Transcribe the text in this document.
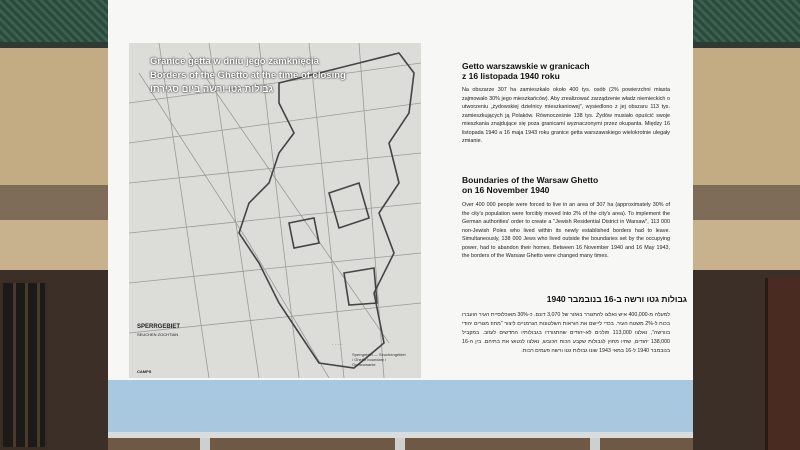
Granice getta w dniu jego zamknięcia
Borders of the Ghetto at the time of closing
גבולות גטו ורשה ביום סגירתו
SPERRGEBIET
SEUCHEN ZOCHTIAN
CAMPS
· · · ·
Sperrgebiet — Seuchengebiet / Ghetto boundary / Opracowanie
Getto warszawskie w granicach
z 16 listopada 1940 roku
Na obszarze 307 ha zamieszkało około 400 tys. osób (2% powierzchni miasta zajmowało 30% jego mieszkańców). Aby zrealizować zarządzenie władz niemieckich o utworzeniu „żydowskiej dzielnicy mieszkaniowej”, wysiedlono z jej obszaru 113 tys. zamieszkujących ją Polaków. Równocześnie 138 tys. Żydów musiało opuścić swoje mieszkania znajdujące się poza granicami wyznaczonymi przez okupanta. Między 16 listopada 1940 a 16 maja 1943 roku granice getta warszawskiego wielokrotnie ulegały zmianie.
Boundaries of the Warsaw Ghetto
on 16 November 1940
Over 400 000 people were forced to live in an area of 307 ha (approximately 30% of the city's population were forcibly moved into 2% of the city's area). To implement the German authorities' order to create a "Jewish Residential District in Warsaw", 113 000 non-Jewish Poles who lived within its newly established borders had to leave. Simultaneously, 138 000 Jews who lived outside the boundaries set by the occupying power, had to abandon their homes. Between 16 November 1940 and 16 May 1943, the borders of the Warsaw Ghetto were changed many times.
גבולות גטו ורשה ב-16 בנובמבר 1940
למעלה מ-400,000 איש נאלצו להתגורר באזור של 3,070 דונם. כ-30% מאוכלוסיית העיר הועברו בכוח ל-2% משטח העיר. בכדי ליישם את הוראות השלטונות הגרמניים ליצור "מחוז מגורים יהודי בוורשה", נאלצו 113,000 פולנים לא-יהודים שהתגוררו בגבולותיו החדשים לעזוב. במקביל 138,000 יהודים, שחיו מחוץ לגבולות שקבע הכוח הכובש, נאלצו לנטוש את בתיהם. בין ה-16 בנובמבר 1940 ל-16 במאי 1943 שונו גבולות גטו ורשה פעמים רבות.
